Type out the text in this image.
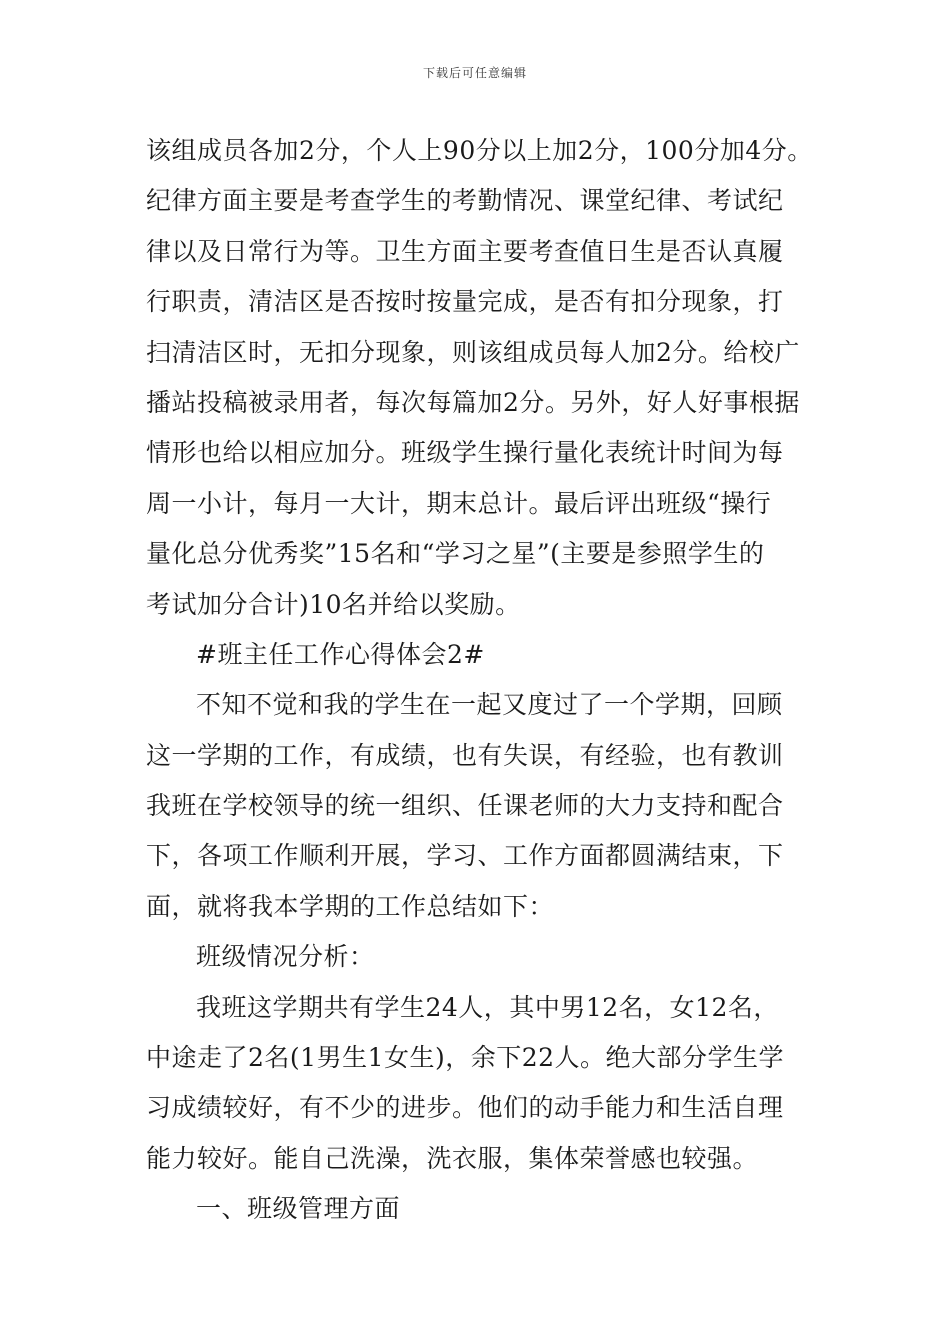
下载后可任意编辑
该组成员各加2分，个人上90分以上加2分，100分加4分。
纪律方面主要是考查学生的考勤情况、课堂纪律、考试纪
律以及日常行为等。卫生方面主要考查值日生是否认真履
行职责，清洁区是否按时按量完成，是否有扣分现象，打
扫清洁区时，无扣分现象，则该组成员每人加2分。给校广
播站投稿被录用者，每次每篇加2分。另外，好人好事根据
情形也给以相应加分。班级学生操行量化表统计时间为每
周一小计，每月一大计，期末总计。最后评出班级“操行
量化总分优秀奖”15名和“学习之星”(主要是参照学生的
考试加分合计)10名并给以奖励。
#班主任工作心得体会2#
不知不觉和我的学生在一起又度过了一个学期，回顾
这一学期的工作，有成绩，也有失误，有经验，也有教训
我班在学校领导的统一组织、任课老师的大力支持和配合
下，各项工作顺利开展，学习、工作方面都圆满结束，下
面，就将我本学期的工作总结如下：
班级情况分析：
我班这学期共有学生24人，其中男12名，女12名，
中途走了2名(1男生1女生)，余下22人。绝大部分学生学
习成绩较好，有不少的进步。他们的动手能力和生活自理
能力较好。能自己洗澡，洗衣服，集体荣誉感也较强。
一、班级管理方面
